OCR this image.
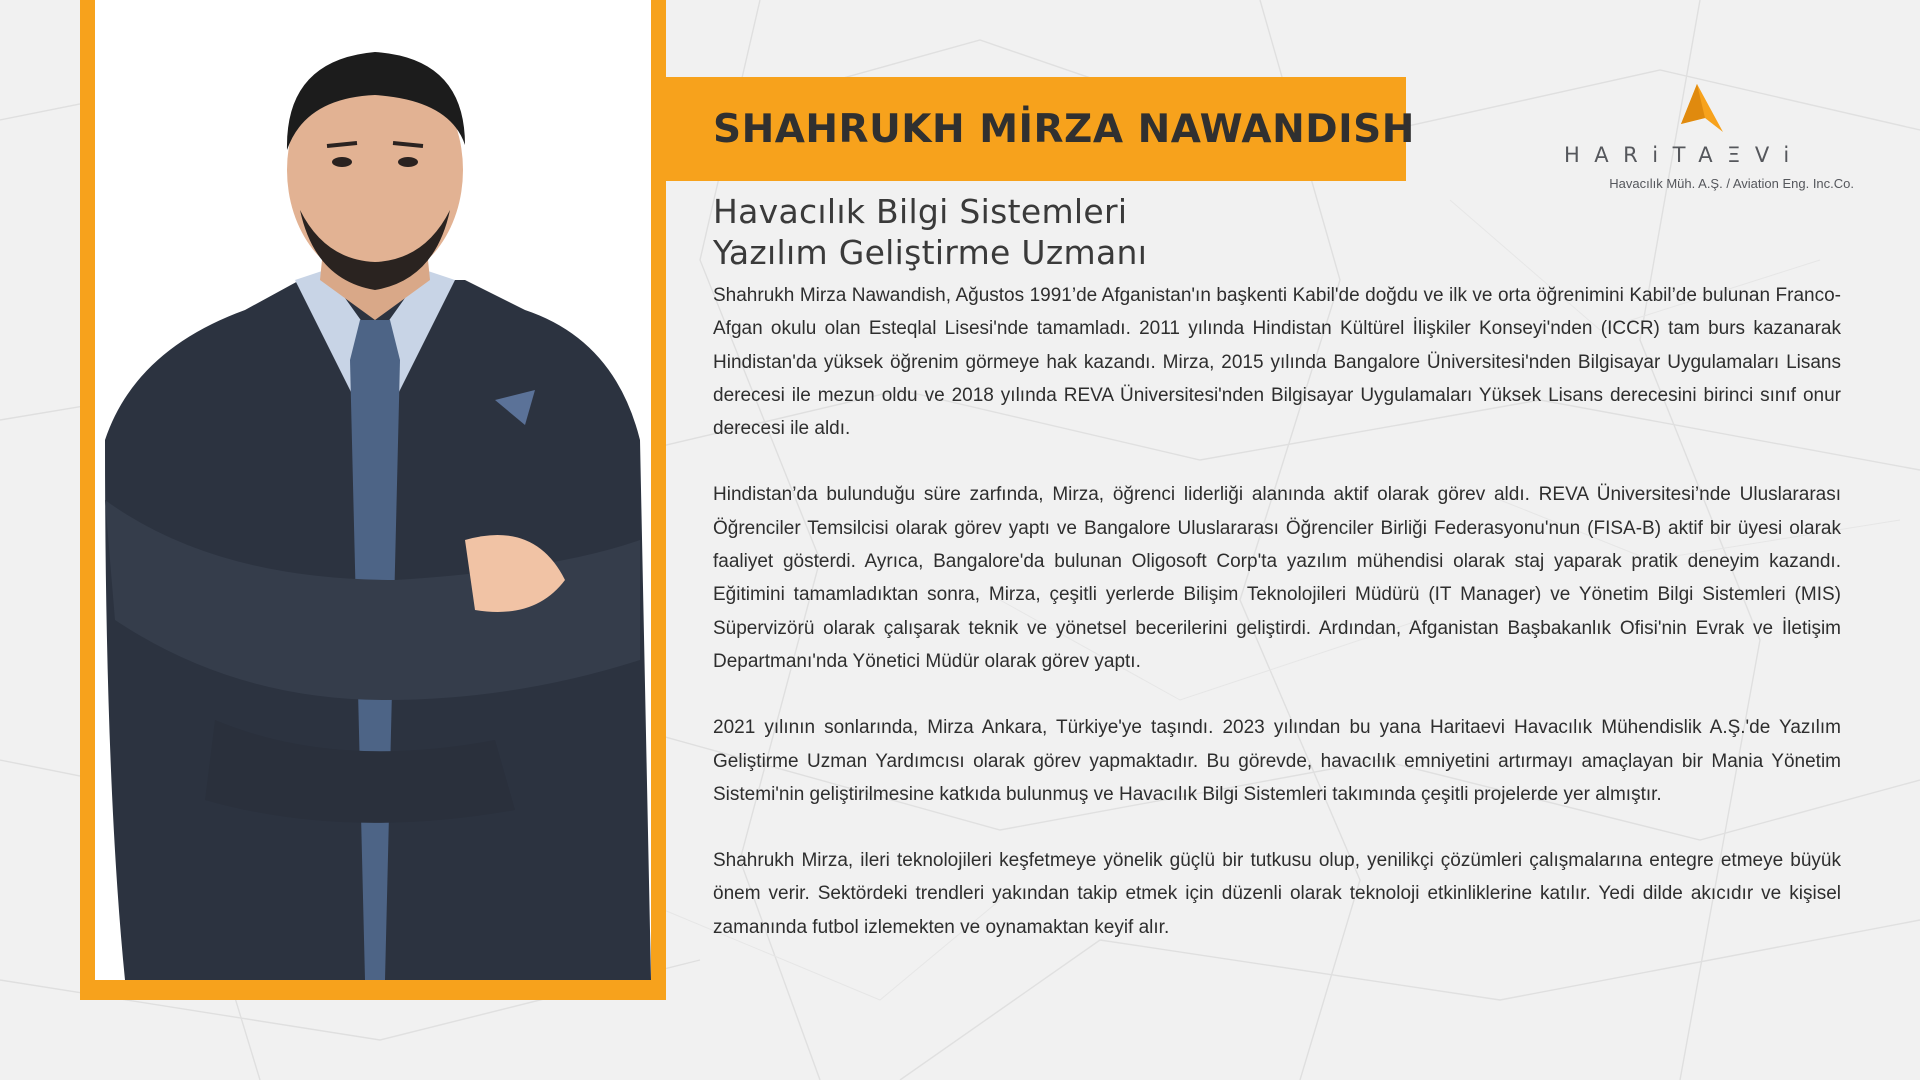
SHAHRUKH MİRZA NAWANDISH
HARiTAΞVi
Havacılık Müh. A.Ş. / Aviation Eng. Inc.Co.
Havacılık Bilgi Sistemleri
Yazılım Geliştirme Uzmanı

Shahrukh Mirza Nawandish, Ağustos 1991’de Afganistan'ın başkenti Kabil'de doğdu ve ilk ve orta öğrenimini Kabil’de bulunan Franco-Afgan okulu olan Esteqlal Lisesi'nde tamamladı. 2011 yılında Hindistan Kültürel İlişkiler Konseyi'nden (ICCR) tam burs kazanarak Hindistan'da yüksek öğrenim görmeye hak kazandı. Mirza, 2015 yılında Bangalore Üniversitesi'nden Bilgisayar Uygulamaları Lisans derecesi ile mezun oldu ve 2018 yılında REVA Üniversitesi'nden Bilgisayar Uygulamaları Yüksek Lisans derecesini birinci sınıf onur derecesi ile aldı.

Hindistan’da bulunduğu süre zarfında, Mirza, öğrenci liderliği alanında aktif olarak görev aldı. REVA Üniversitesi’nde Uluslararası Öğrenciler Temsilcisi olarak görev yaptı ve Bangalore Uluslararası Öğrenciler Birliği Federasyonu'nun (FISA-B) aktif bir üyesi olarak faaliyet gösterdi. Ayrıca, Bangalore'da bulunan Oligosoft Corp'ta yazılım mühendisi olarak staj yaparak pratik deneyim kazandı. Eğitimini tamamladıktan sonra, Mirza, çeşitli yerlerde Bilişim Teknolojileri Müdürü (IT Manager) ve Yönetim Bilgi Sistemleri (MIS) Süpervizörü olarak çalışarak teknik ve yönetsel becerilerini geliştirdi. Ardından, Afganistan Başbakanlık Ofisi'nin Evrak ve İletişim Departmanı'nda Yönetici Müdür olarak görev yaptı.

2021 yılının sonlarında, Mirza Ankara, Türkiye'ye taşındı. 2023 yılından bu yana Haritaevi Havacılık Mühendislik A.Ş.'de Yazılım Geliştirme Uzman Yardımcısı olarak görev yapmaktadır. Bu görevde, havacılık emniyetini artırmayı amaçlayan bir Mania Yönetim Sistemi'nin geliştirilmesine katkıda bulunmuş ve Havacılık Bilgi Sistemleri takımında çeşitli projelerde yer almıştır.

Shahrukh Mirza, ileri teknolojileri keşfetmeye yönelik güçlü bir tutkusu olup, yenilikçi çözümleri çalışmalarına entegre etmeye büyük önem verir. Sektördeki trendleri yakından takip etmek için düzenli olarak teknoloji etkinliklerine katılır. Yedi dilde akıcıdır ve kişisel zamanında futbol izlemekten ve oynamaktan keyif alır.
